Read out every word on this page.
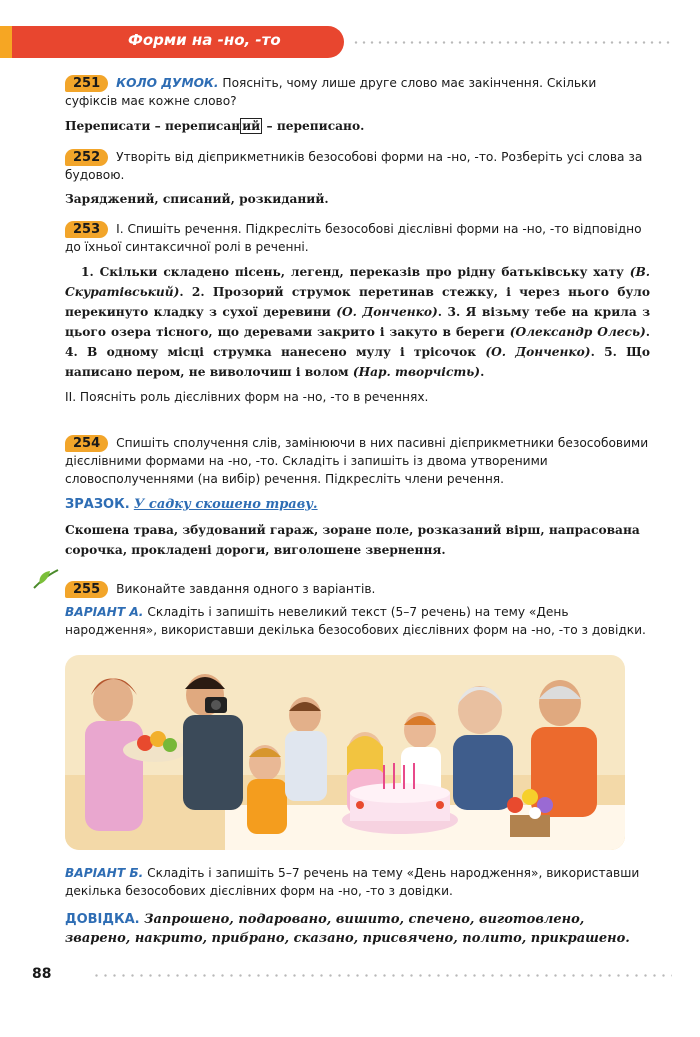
Форми на -но, -то
251 КОЛО ДУМОК. Поясніть, чому лише друге слово має закінчення. Скільки суфіксів має кожне слово?
Переписати – переписан ий – переписано.
252 Утворіть від дієприкметників безособові форми на -но, -то. Розберіть усі слова за будовою.
Заряджений, списаний, розкиданий.
253 І. Спишіть речення. Підкресліть безособові дієслівні форми на -но, -то відповідно до їхньої синтаксичної ролі в реченні.
1. Скільки складено пісень, легенд, переказів про рідну батьківську хату (В. Скуратівський). 2. Прозорий струмок перетинав стежку, і через нього було перекинуто кладку з сухої деревини (О. Донченко). 3. Я візьму тебе на крила з цього озера тісного, що деревами закрито і закуто в береги (Олександр Олесь). 4. В одному місці струмка нанесено мулу і трісочок (О. Донченко). 5. Що написано пером, не виволочиш і волом (Нар. творчість).
ІІ. Поясніть роль дієслівних форм на -но, -то в реченнях.
254 Спишіть сполучення слів, замінюючи в них пасивні дієприкметники безособовими дієслівними формами на -но, -то. Складіть і запишіть із двома утвореними словосполученнями (на вибір) речення. Підкресліть члени речення.
ЗРАЗОК. У садку скошено траву.
Скошена трава, збудований гараж, зоране поле, розказаний вірш, напрасована сорочка, прокладені дороги, виголошене звернення.
255 Виконайте завдання одного з варіантів.
ВАРІАНТ А. Складіть і запишіть невеликий текст (5–7 речень) на тему «День народження», використавши декілька безособових дієслівних форм на -но, -то з довідки.
ВАРІАНТ Б. Складіть і запишіть 5–7 речень на тему «День народження», використавши декілька безособових дієслівних форм на -но, -то з довідки.
ДОВІДКА. Запрошено, подаровано, вишито, спечено, виготовлено, зварено, накрито, прибрано, сказано, присвячено, полито, прикрашено.
88
